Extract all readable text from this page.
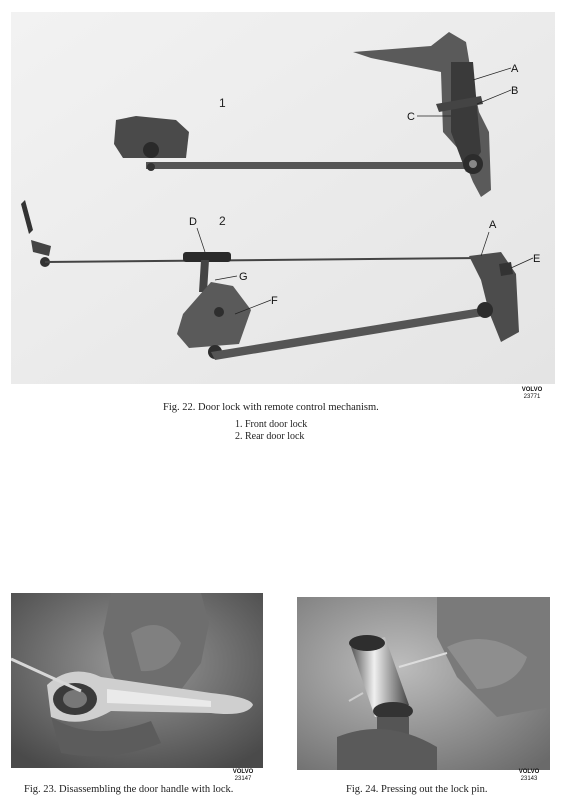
1
2
A
B
C
D	A
E
G
F
VOLVO
23771
Fig. 22. Door lock with remote control mechanism.
1. Front door lock
2. Rear door lock
VOLVO
23147
Fig. 23. Disassembling the door handle with lock.
VOLVO
23143
Fig. 24. Pressing out the lock pin.
